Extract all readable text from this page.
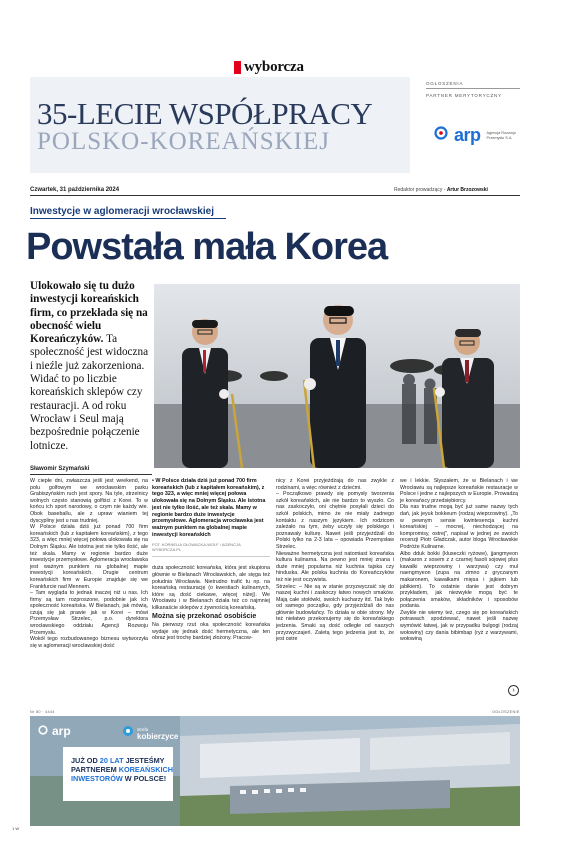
wyborcza
35-LECIE WSPÓŁPRACY
POLSKO-KOREAŃSKIEJ
OGŁOSZENIA
PARTNER MERYTORYCZNY
arp Agencja Rozwoju Przemysłu S.A.
Czwartek, 31 października 2024	Redaktor prowadzący - Artur Brzozowski
Inwestycje w aglomeracji wrocławskiej
Powstała mała Korea
Ulokowało się tu dużo inwestycji koreańskich firm, co przekłada się na obecność wielu Koreańczyków. Ta społeczność jest widoczna i nieźle już zakorzeniona. Widać to po liczbie koreańskich sklepów czy restauracji. A od roku Wrocław i Seul mają bezpośrednie połączenie lotnicze.
Sławomir Szymański

W ciepłe dni, zwłaszcza jeśli jest weekend, na polu golfowym we wrocławskim parku Grabiszyńskim ruch jest spory. Na tyle, strzelnicy wolnych często stanowią golfiści z Korei. To w końcu ich sport narodowy, o czym nie każdy wie. Obok baseballu, ale z upraw wianiem tej dyscypliny jest u nas trudniej.

W Polsce działa dziś już ponad 700 firm koreańskich (lub z kapitałem koreańskim), z tego 323, a więc mniej więcej połowa ulokowała się na Dolnym Śląsku. Ale istotna jest nie tylko ilość, ale też skala. Mamy w regionie bardzo duże inwestycje przemysłowe. Aglomeracja wrocławska jest ważnym punktem na globalnej mapie inwestycji koreańskich. Drugie centrum koreańskich firm w Europie znajduje się we Frankfurcie nad Mennem.

– Tam wygląda to jednak inaczej niż u nas. Ich firmy są tam rozproszone, podobnie jak ich społeczność koreańska. W Bielanach, jak mówią, czują się jak prawie jak w Korei – mówi Przemysław Strzelec, p.o. dyrektora wrocławskiego oddziału Agencji Rozwoju Przemysłu.

Wokół tego rozbudowanego biznesu wytworzyła się w aglomeracji wrocławskiej dość

• W Polsce działa dziś już ponad 700 firm koreańskich (lub z kapitałem koreańskim), z tego 323, a więc mniej więcej połowa ulokowała się na Dolnym Śląsku. Ale istotna jest nie tylko ilość, ale też skala. Mamy w regionie bardzo duże inwestycje przemysłowe. Aglomeracja wrocławska jest ważnym punktem na globalnej mapie inwestycji koreańskich
FOT. KORNELIA GŁOWACKA-WOLF / AGENCJA WYBORCZA.PL

duża społeczność koreańska, która jest skupiona głównie w Bielanach Wrocławskich, ale sięga też południa Wrocławia. Nietrudno trafić tu np. na koreańską restaurację (o kwestiach kulinarnych, które są dość ciekawe, więcej niżej). We Wrocławiu i w Bielanach działa też co najmniej kilkanaście sklepów z żywnością koreańską.

Można się przekonać osobiście

Na pierwszy rzut oka społeczność koreańska wydaje się jednak dość hermetyczna, ale ten obraz jest trochę bardziej złożony. Pracow-

nicy z Korei przyjeżdżają do nas zwykle z rodzinami, a więc również z dziećmi.

– Początkowo prawdy się pomysły tworzenia szkół koreańskich, ale nie bardzo to wyszło. Co nas zaskoczyło, oni chętnie posyłali dzieci do szkół polskich, mimo że nie miały żadnego kontaktu z naszym językiem. Ich rodzicom zależało na tym, żeby uczyły się polskiego i poznawały kulturę. Nawet jeśli przyjeżdżali do Polski tylko na 2-3 lata – opowiada Przemysław Strzelec.

Nieważne hermetyczna jest natomiast koreańska kultura kulinarna. Na pewno jest mniej znana i duże mniej popularna niż kuchnia tajska czy hinduska. Ale polska kuchnia do Koreańczyków też nie jest oczywista.

Strzelec: – Nie są w stanie przyzwyczaić się do naszej kuchni i zaskoczy łatwo nowych smaków. Mają całe stołówki, swoich kucharzy itd. Tak było od samego początku, gdy przyjeżdżali do nas głównie budowlańcy. To działa w obie strony. My też niełatwo przekonujemy się do koreańskiego jedzenia. Smaki są dość odległe od naszych przyzwyczajeń. Zaletą tego jedzenia jest to, że jest ostre

we i lekkie. Słyszałem, że w Bielanach i we Wrocławiu są najlepsze koreańskie restauracje w Polsce i jedne z najlepszych w Europie. Prowadzą je koreańscy przedsiębiorcy.

Dla nas trudne mogą być już same nazwy tych dań, jak jeyuk bokkeum (rodzaj wieprzowiny). „To w pewnym sensie kwintesencja kuchni koreańskiej – mocnej, niechodzącej na kompromisy, ostrej", napisał w jednej ze swoich recenzji Piotr Gładczak, autor bloga Wrocławskie Podróże Kulinarne.

Albo dduk bokki (kluseczki ryżowe), jjangmyeon (makaron z sosem z z czarnej fasoli sojowej plus kawałki wieprzowiny i warzywa) czy mul naengmyeon (zupa na zimno z gryczanym makaronem, kawałkami mięsa i jajkiem lub jabłkiem). To ostatnie danie jest dobrym przykładem, jak niezwykłe mogą być te połączenia smaków, składników i sposobów podania.

Zwykle nie wiemy też, czego się po koreańskich potrawach spodziewać, nawet jeśli nazwę wymówić łatwej, jak w przypadku bulgogi (rodzaj wołowiny) czy dania bibimbap (ryż z warzywami, wołowiną

›
Nr 80 · 4444	OGŁOSZENIE
arp	strefa
kobierzyce
JUŻ OD 20 LAT JESTEŚMY
PARTNEREM KOREAŃSKICH
INWESTORÓW W POLSCE!
1 W
